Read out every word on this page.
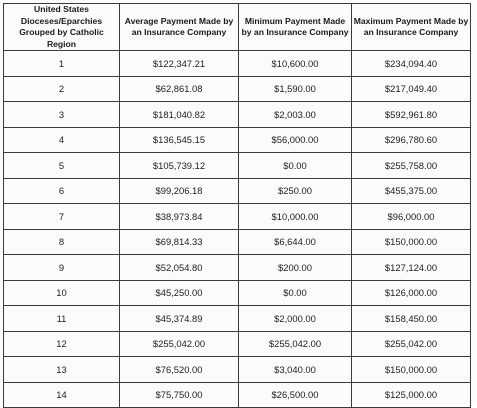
United States Dioceses/Eparchies Grouped by Catholic Region	Average Payment Made by an Insurance Company	Minimum Payment Made by an Insurance Company	Maximum Payment Made by an Insurance Company
1	$122,347.21	$10,600.00	$234,094.40
2	$62,861.08	$1,590.00	$217,049.40
3	$181,040.82	$2,003.00	$592,961.80
4	$136,545.15	$56,000.00	$296,780.60
5	$105,739.12	$0.00	$255,758.00
6	$99,206.18	$250.00	$455,375.00
7	$38,973.84	$10,000.00	$96,000.00
8	$69,814.33	$6,644.00	$150,000.00
9	$52,054.80	$200.00	$127,124.00
10	$45,250.00	$0.00	$126,000.00
11	$45,374.89	$2,000.00	$158,450.00
12	$255,042.00	$255,042.00	$255,042.00
13	$76,520.00	$3,040.00	$150,000.00
14	$75,750.00	$26,500.00	$125,000.00
